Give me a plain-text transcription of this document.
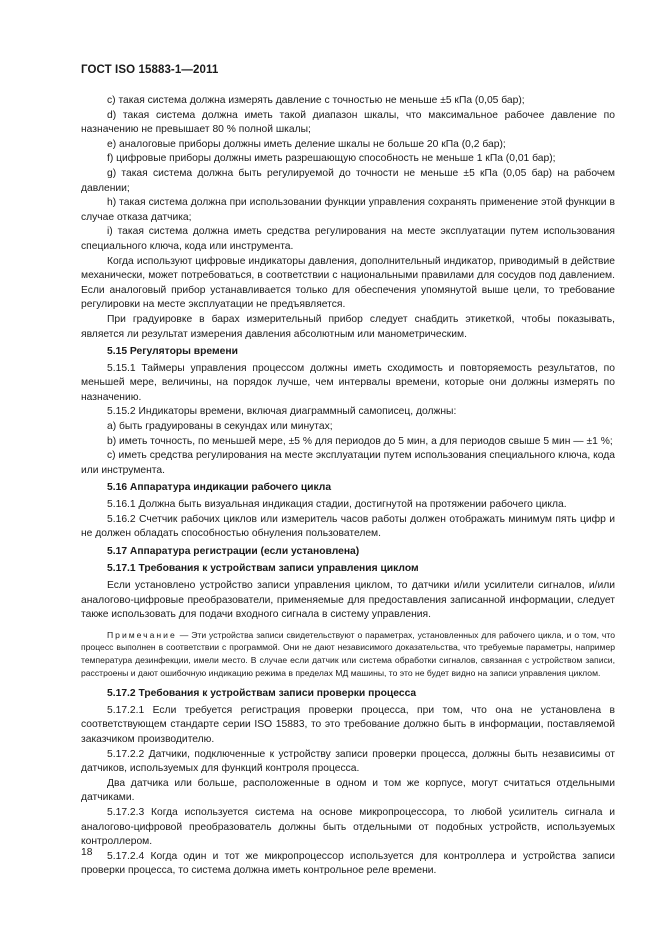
ГОСТ ISO 15883-1—2011

c) такая система должна измерять давление с точностью не меньше ±5 кПа (0,05 бар);

d) такая система должна иметь такой диапазон шкалы, что максимальное рабочее давление по назначению не превышает 80 % полной шкалы;

e) аналоговые приборы должны иметь деление шкалы не больше 20 кПа (0,2 бар);

f) цифровые приборы должны иметь разрешающую способность не меньше 1 кПа (0,01 бар);

g) такая система должна быть регулируемой до точности не меньше ±5 кПа (0,05 бар) на рабочем давлении;

h) такая система должна при использовании функции управления сохранять применение этой функции в случае отказа датчика;

i) такая система должна иметь средства регулирования на месте эксплуатации путем использования специального ключа, кода или инструмента.

Когда используют цифровые индикаторы давления, дополнительный индикатор, приводимый в действие механически, может потребоваться, в соответствии с национальными правилами для сосудов под давлением. Если аналоговый прибор устанавливается только для обеспечения упомянутой выше цели, то требование регулировки на месте эксплуатации не предъявляется.

При градуировке в барах измерительный прибор следует снабдить этикеткой, чтобы показывать, является ли результат измерения давления абсолютным или манометрическим.

5.15 Регуляторы времени

5.15.1 Таймеры управления процессом должны иметь сходимость и повторяемость результатов, по меньшей мере, величины, на порядок лучше, чем интервалы времени, которые они должны измерять по назначению.

5.15.2 Индикаторы времени, включая диаграммный самописец, должны:

a) быть градуированы в секундах или минутах;

b) иметь точность, по меньшей мере, ±5 % для периодов до 5 мин, а для периодов свыше 5 мин — ±1 %;

c) иметь средства регулирования на месте эксплуатации путем использования специального ключа, кода или инструмента.

5.16 Аппаратура индикации рабочего цикла

5.16.1 Должна быть визуальная индикация стадии, достигнутой на протяжении рабочего цикла.

5.16.2 Счетчик рабочих циклов или измеритель часов работы должен отображать минимум пять цифр и не должен обладать способностью обнуления пользователем.

5.17 Аппаратура регистрации (если установлена)

5.17.1 Требования к устройствам записи управления циклом

Если установлено устройство записи управления циклом, то датчики и/или усилители сигналов, и/или аналогово-цифровые преобразователи, применяемые для предоставления записанной информации, следует также использовать для подачи входного сигнала в систему управления.

Примечание — Эти устройства записи свидетельствуют о параметрах, установленных для рабочего цикла, и о том, что процесс выполнен в соответствии с программой. Они не дают независимого доказательства, что требуемые параметры, например температура дезинфекции, имели место. В случае если датчик или система обработки сигналов, связанная с устройством записи, расстроены и дают ошибочную индикацию режима в пределах МД машины, то это не будет видно на записи управления циклом.

5.17.2 Требования к устройствам записи проверки процесса

5.17.2.1 Если требуется регистрация проверки процесса, при том, что она не установлена в соответствующем стандарте серии ISO 15883, то это требование должно быть в информации, поставляемой заказчиком производителю.

5.17.2.2 Датчики, подключенные к устройству записи проверки процесса, должны быть независимы от датчиков, используемых для функций контроля процесса.

Два датчика или больше, расположенные в одном и том же корпусе, могут считаться отдельными датчиками.

5.17.2.3 Когда используется система на основе микропроцессора, то любой усилитель сигнала и аналогово-цифровой преобразователь должны быть отдельными от подобных устройств, используемых контроллером.

5.17.2.4 Когда один и тот же микропроцессор используется для контроллера и устройства записи проверки процесса, то система должна иметь контрольное реле времени.

18
